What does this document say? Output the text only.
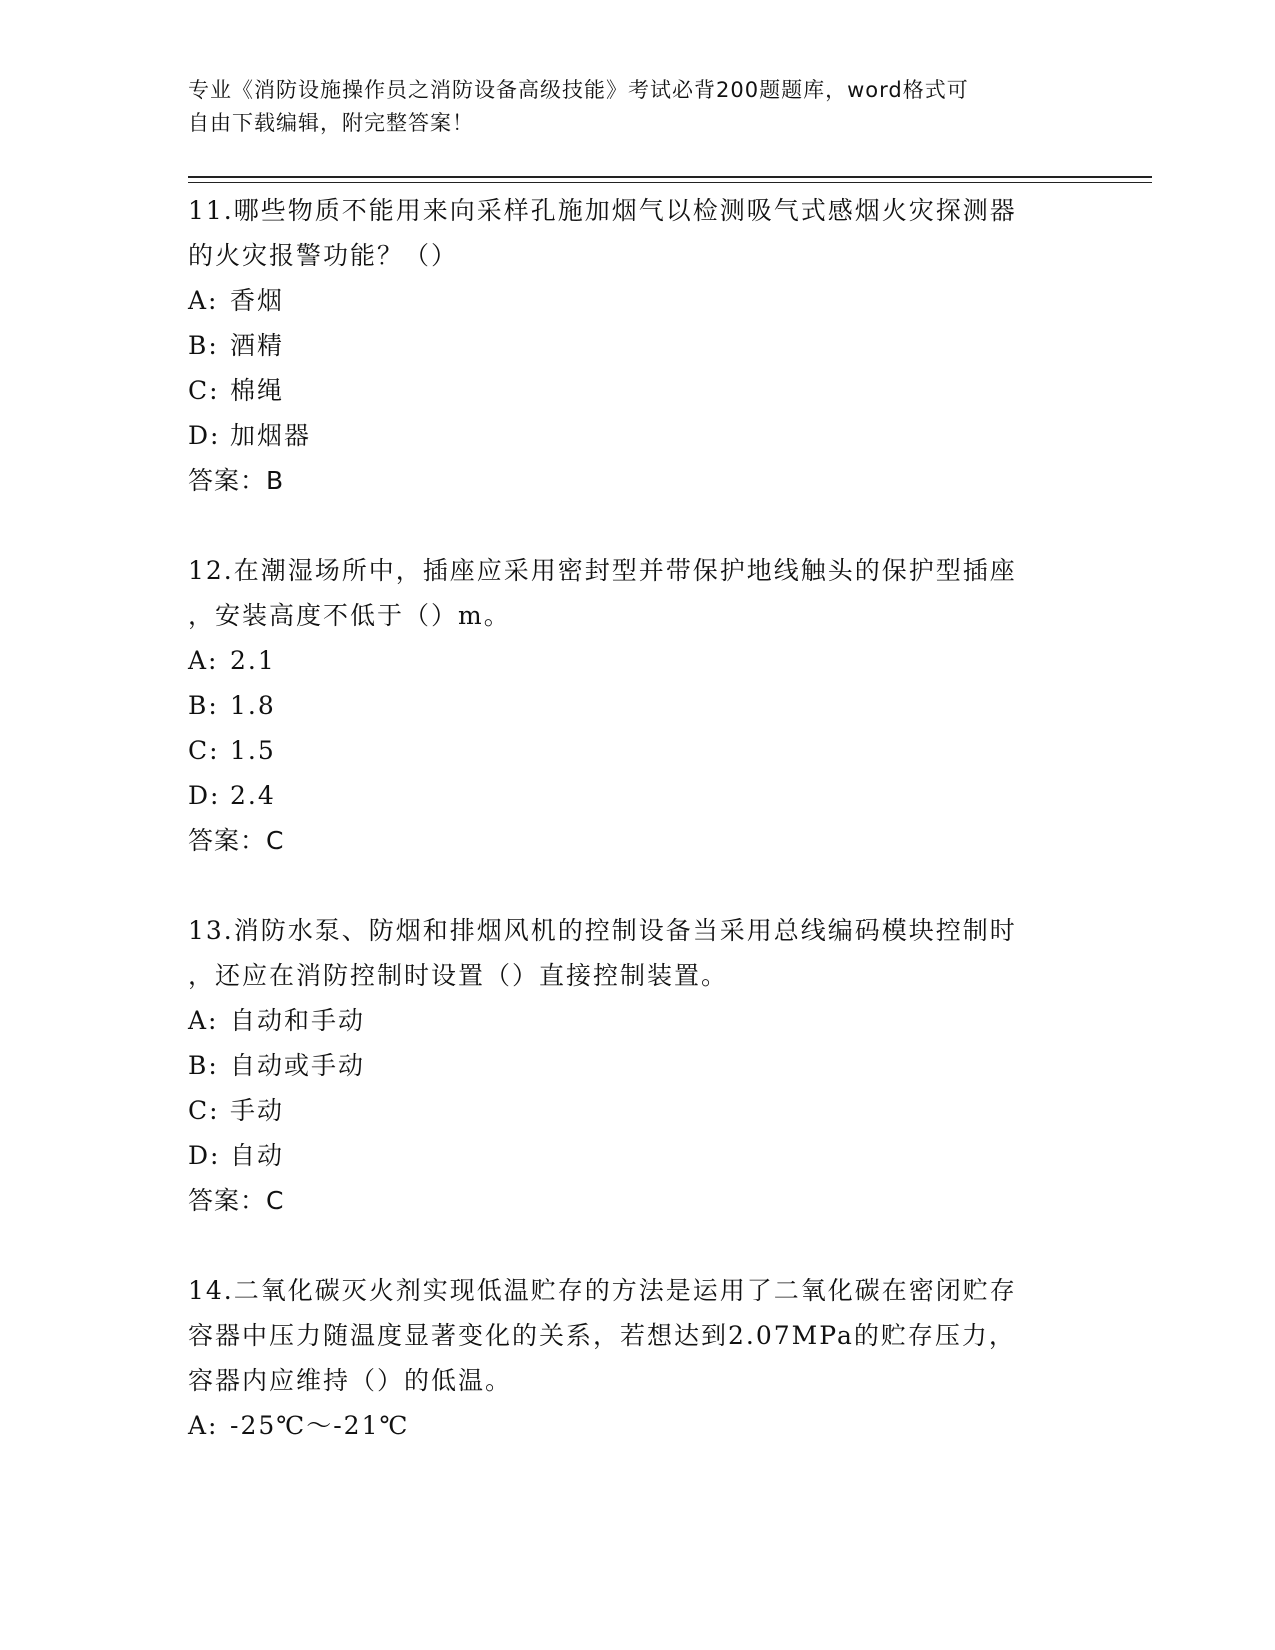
专业《消防设施操作员之消防设备高级技能》考试必背200题题库，word格式可
自由下载编辑，附完整答案！

11.哪些物质不能用来向采样孔施加烟气以检测吸气式感烟火灾探测器

的火灾报警功能？（）

A: 香烟

B: 酒精

C: 棉绳

D: 加烟器

答案：B

12.在潮湿场所中，插座应采用密封型并带保护地线触头的保护型插座

，安装高度不低于（）m。

A: 2.1

B: 1.8

C: 1.5

D: 2.4

答案：C

13.消防水泵、防烟和排烟风机的控制设备当采用总线编码模块控制时

，还应在消防控制时设置（）直接控制装置。

A: 自动和手动

B: 自动或手动

C: 手动

D: 自动

答案：C

14.二氧化碳灭火剂实现低温贮存的方法是运用了二氧化碳在密闭贮存

容器中压力随温度显著变化的关系，若想达到2.07MPa的贮存压力，

容器内应维持（）的低温。

A: -25℃～-21℃
